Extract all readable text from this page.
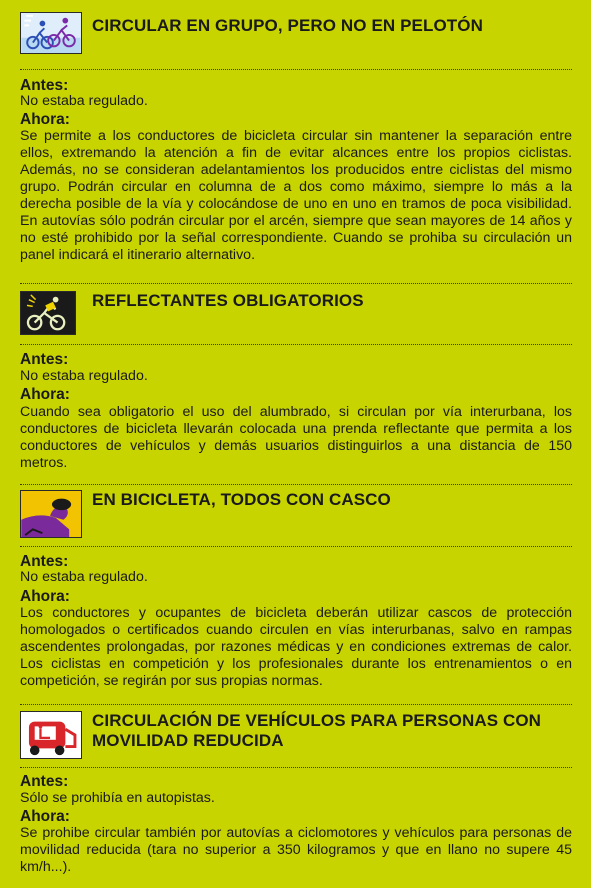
CIRCULAR EN GRUPO, PERO NO EN PELOTÓN
Antes:
No estaba regulado.
Ahora:
Se permite a los conductores de bicicleta circular sin mantener la separación entre ellos, extremando la atención a fin de evitar alcances entre los propios ciclistas. Además, no se consideran adelantamientos los producidos entre ciclistas del mismo grupo. Podrán circular en columna de a dos como máximo, siempre lo más a la derecha posible de la vía y colocándose de uno en uno en tramos de poca visibilidad. En autovías sólo podrán circular por el arcén, siempre que sean mayores de 14 años y no esté prohibido por la señal correspondiente. Cuando se prohiba su circulación un panel indicará el itinerario alternativo.
REFLECTANTES OBLIGATORIOS
Antes:
No estaba regulado.
Ahora:
Cuando sea obligatorio el uso del alumbrado, si circulan por vía interurbana, los conductores de bicicleta llevarán colocada una prenda reflectante que permita a los conductores de vehículos y demás usuarios distinguirlos a una distancia de 150 metros.
EN BICICLETA, TODOS CON CASCO
Antes:
No estaba regulado.
Ahora:
Los conductores y ocupantes de bicicleta deberán utilizar cascos de protección homologados o certificados cuando circulen en vías interurbanas, salvo en rampas ascendentes prolongadas, por razones médicas y en condiciones extremas de calor. Los ciclistas en competición y los profesionales durante los entrenamientos o en competición, se regirán por sus propias normas.
CIRCULACIÓN DE VEHÍCULOS PARA PERSONAS CON MOVILIDAD REDUCIDA
Antes:
Sólo se prohibía en autopistas.
Ahora:
Se prohibe circular también por autovías a ciclomotores y vehículos para personas de movilidad reducida (tara no superior a 350 kilogramos y que en llano no supere 45 km/h...).
